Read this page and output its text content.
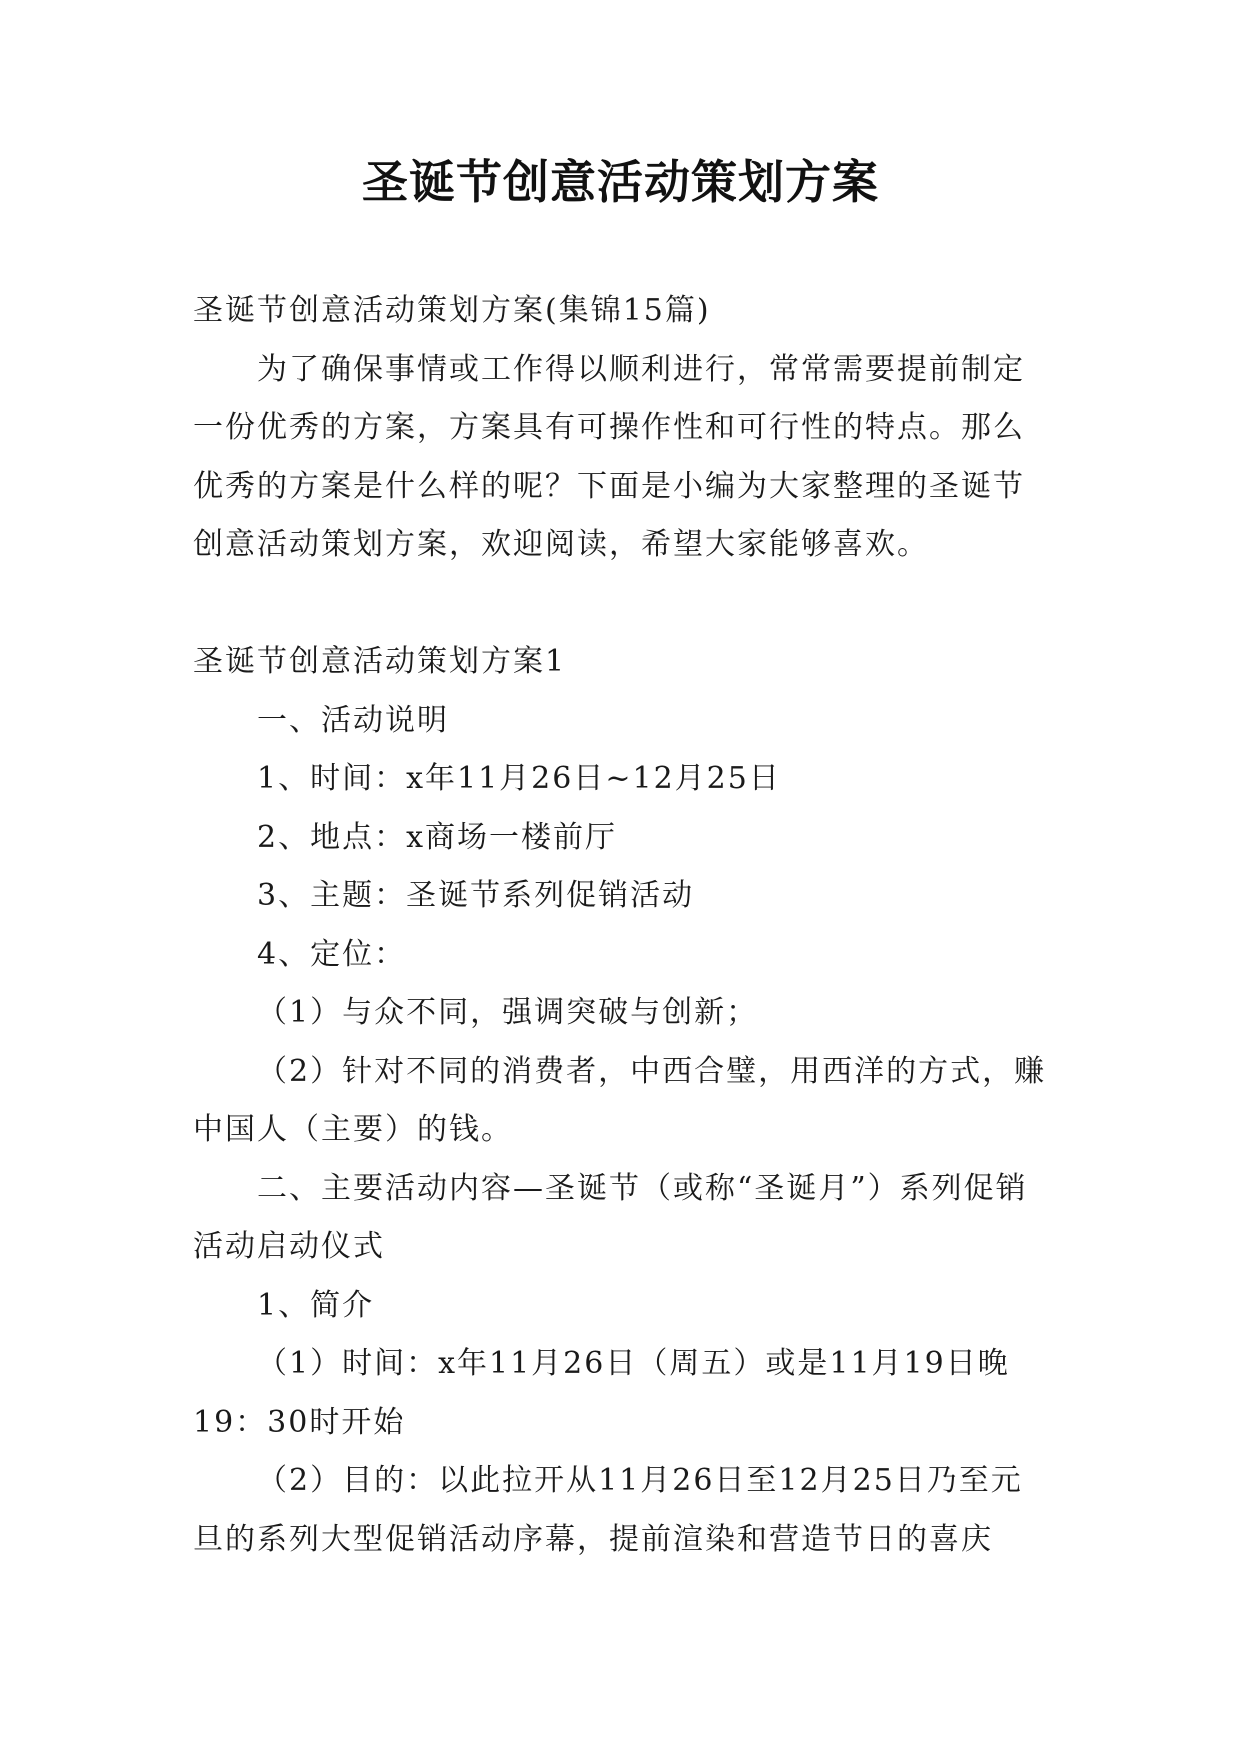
圣诞节创意活动策划方案

圣诞节创意活动策划方案(集锦15篇)

为了确保事情或工作得以顺利进行，常常需要提前制定一份优秀的方案，方案具有可操作性和可行性的特点。那么优秀的方案是什么样的呢？下面是小编为大家整理的圣诞节创意活动策划方案，欢迎阅读，希望大家能够喜欢。

圣诞节创意活动策划方案1

一、活动说明

1、时间：x年11月26日~12月25日

2、地点：x商场一楼前厅

3、主题：圣诞节系列促销活动

4、定位：

（1）与众不同，强调突破与创新；

（2）针对不同的消费者，中西合璧，用西洋的方式，赚中国人（主要）的钱。

二、主要活动内容—圣诞节（或称“圣诞月”）系列促销活动启动仪式

1、简介

（1）时间：x年11月26日（周五）或是11月19日晚19：30时开始

（2）目的：以此拉开从11月26日至12月25日乃至元旦的系列大型促销活动序幕，提前渲染和营造节日的喜庆
